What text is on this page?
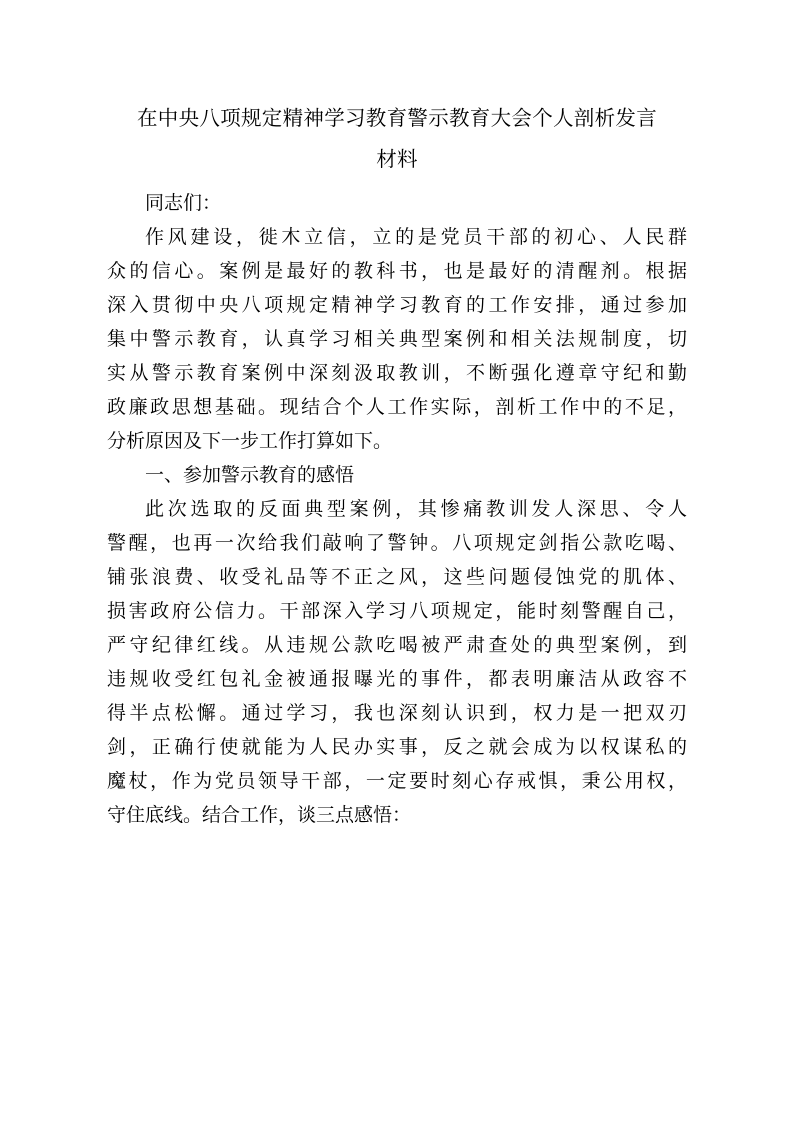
在中央八项规定精神学习教育警示教育大会个人剖析发言
材料

同志们：

作风建设，徙木立信，立的是党员干部的初心、人民群
众的信心。案例是最好的教科书，也是最好的清醒剂。根据
深入贯彻中央八项规定精神学习教育的工作安排，通过参加
集中警示教育，认真学习相关典型案例和相关法规制度，切
实从警示教育案例中深刻汲取教训，不断强化遵章守纪和勤
政廉政思想基础。现结合个人工作实际，剖析工作中的不足，
分析原因及下一步工作打算如下。

一、参加警示教育的感悟

此次选取的反面典型案例，其惨痛教训发人深思、令人
警醒，也再一次给我们敲响了警钟。八项规定剑指公款吃喝、
铺张浪费、收受礼品等不正之风，这些问题侵蚀党的肌体、
损害政府公信力。干部深入学习八项规定，能时刻警醒自己，
严守纪律红线。从违规公款吃喝被严肃查处的典型案例，到
违规收受红包礼金被通报曝光的事件，都表明廉洁从政容不
得半点松懈。通过学习，我也深刻认识到，权力是一把双刃
剑，正确行使就能为人民办实事，反之就会成为以权谋私的
魔杖，作为党员领导干部，一定要时刻心存戒惧，秉公用权，
守住底线。结合工作，谈三点感悟：
